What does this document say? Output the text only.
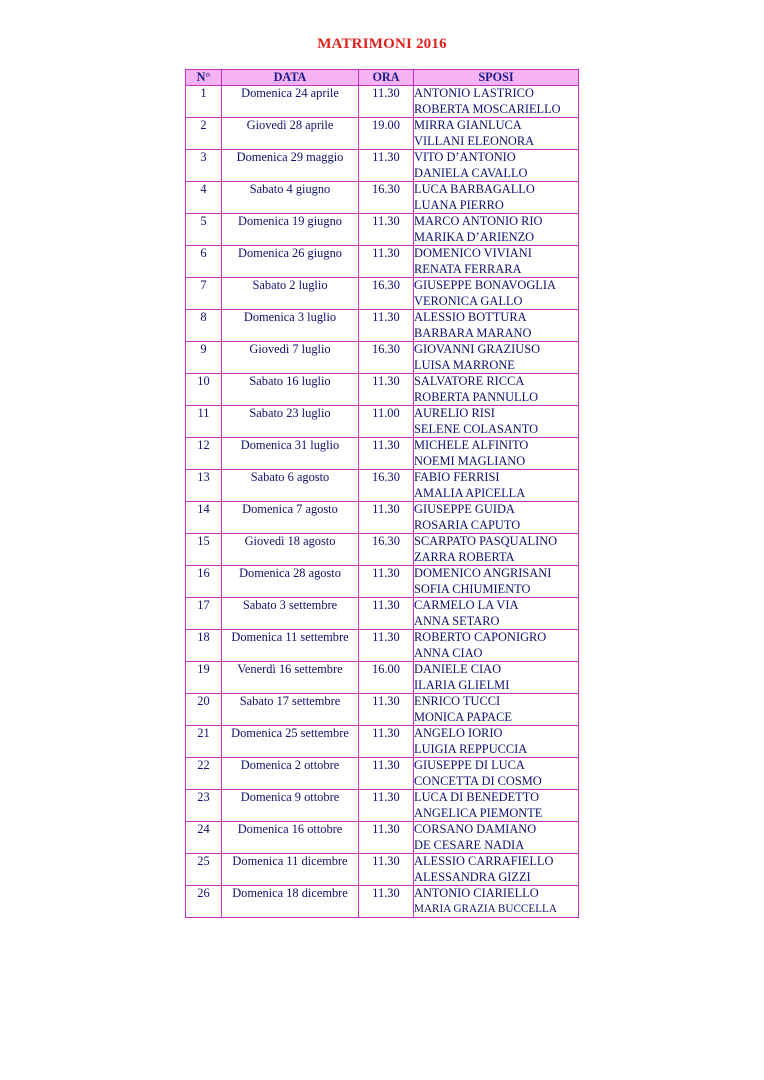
MATRIMONI 2016
N°	DATA	ORA	SPOSI
1	Domenica 24 aprile	11.30	ANTONIO LASTRICO
ROBERTA MOSCARIELLO

2	Giovedì 28 aprile	19.00	MIRRA GIANLUCA
VILLANI ELEONORA

3	Domenica 29 maggio	11.30	VITO D’ANTONIO
DANIELA CAVALLO

4	Sabato 4 giugno	16.30	LUCA BARBAGALLO
LUANA PIERRO

5	Domenica 19 giugno	11.30	MARCO ANTONIO RIO
MARIKA D’ARIENZO

6	Domenica 26 giugno	11.30	DOMENICO VIVIANI
RENATA FERRARA

7	Sabato 2 luglio	16.30	GIUSEPPE BONAVOGLIA
VERONICA GALLO

8	Domenica 3 luglio	11.30	ALESSIO BOTTURA
BARBARA MARANO

9	Giovedì 7 luglio	16.30	GIOVANNI GRAZIUSO
LUISA MARRONE

10	Sabato 16 luglio	11.30	SALVATORE RICCA
ROBERTA PANNULLO

11	Sabato 23 luglio	11.00	AURELIO RISI
SELENE COLASANTO

12	Domenica 31 luglio	11.30	MICHELE ALFINITO
NOEMI MAGLIANO

13	Sabato 6 agosto	16.30	FABIO FERRISI
AMALIA APICELLA

14	Domenica 7 agosto	11.30	GIUSEPPE GUIDA
ROSARIA CAPUTO

15	Giovedì 18 agosto	16.30	SCARPATO PASQUALINO
ZARRA ROBERTA

16	Domenica 28 agosto	11.30	DOMENICO ANGRISANI
SOFIA CHIUMIENTO

17	Sabato 3 settembre	11.30	CARMELO LA VIA
ANNA SETARO

18	Domenica 11 settembre	11.30	ROBERTO CAPONIGRO
ANNA CIAO

19	Venerdì 16 settembre	16.00	DANIELE CIAO
ILARIA GLIELMI

20	Sabato 17 settembre	11.30	ENRICO TUCCI
MONICA PAPACE

21	Domenica 25 settembre	11.30	ANGELO IORIO
LUIGIA REPPUCCIA

22	Domenica 2 ottobre	11.30	GIUSEPPE DI LUCA
CONCETTA DI COSMO

23	Domenica 9 ottobre	11.30	LUCA DI BENEDETTO
ANGELICA PIEMONTE

24	Domenica 16 ottobre	11.30	CORSANO DAMIANO
DE CESARE NADIA

25	Domenica 11 dicembre	11.30	ALESSIO CARRAFIELLO
ALESSANDRA GIZZI

26	Domenica 18 dicembre	11.30	ANTONIO CIARIELLO
MARIA GRAZIA BUCCELLA
